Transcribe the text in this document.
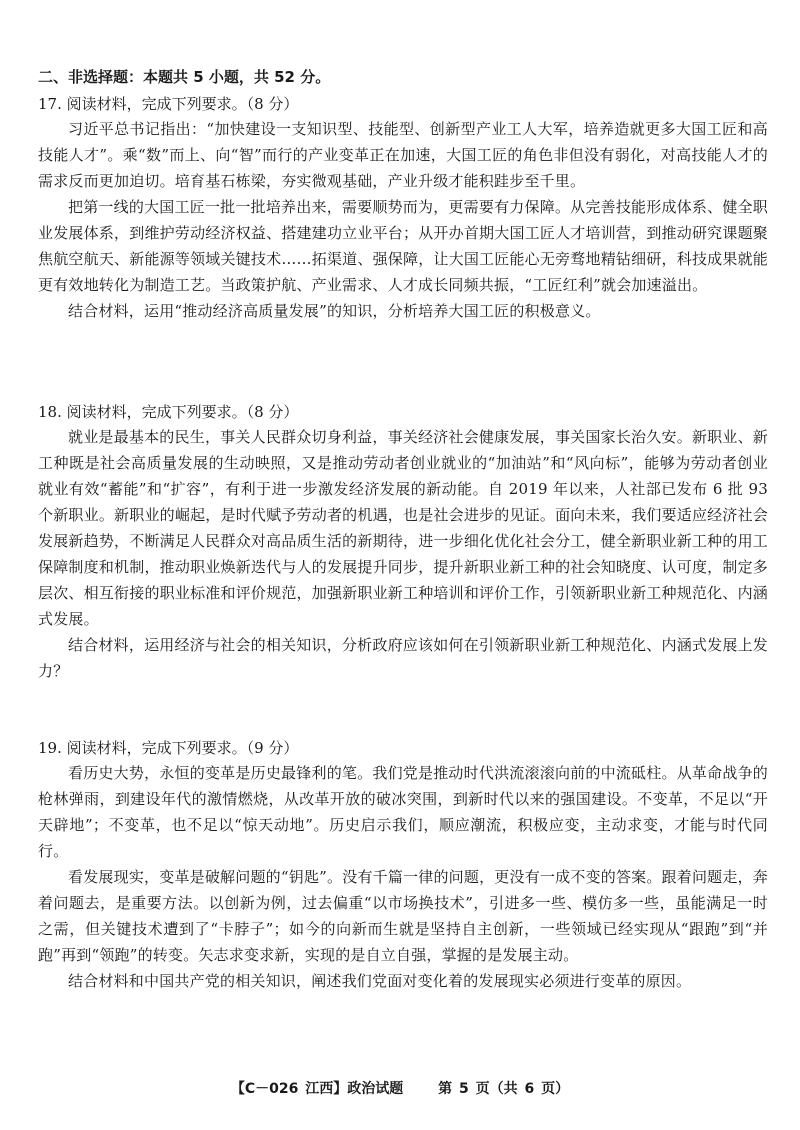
二、非选择题：本题共 5 小题，共 52 分。

17. 阅读材料，完成下列要求。（8 分）

习近平总书记指出：“加快建设一支知识型、技能型、创新型产业工人大军，培养造就更多大国工匠和高技能人才”。乘“数”而上、向“智”而行的产业变革正在加速，大国工匠的角色非但没有弱化，对高技能人才的需求反而更加迫切。培育基石栋梁，夯实微观基础，产业升级才能积跬步至千里。

把第一线的大国工匠一批一批培养出来，需要顺势而为，更需要有力保障。从完善技能形成体系、健全职业发展体系，到维护劳动经济权益、搭建建功立业平台；从开办首期大国工匠人才培训营，到推动研究课题聚焦航空航天、新能源等领域关键技术……拓渠道、强保障，让大国工匠能心无旁骛地精钻细研，科技成果就能更有效地转化为制造工艺。当政策护航、产业需求、人才成长同频共振，“工匠红利”就会加速溢出。

结合材料，运用“推动经济高质量发展”的知识，分析培养大国工匠的积极意义。

18. 阅读材料，完成下列要求。（8 分）

就业是最基本的民生，事关人民群众切身利益，事关经济社会健康发展，事关国家长治久安。新职业、新工种既是社会高质量发展的生动映照，又是推动劳动者创业就业的“加油站”和“风向标”，能够为劳动者创业就业有效“蓄能”和“扩容”，有利于进一步激发经济发展的新动能。自 2019 年以来，人社部已发布 6 批 93 个新职业。新职业的崛起，是时代赋予劳动者的机遇，也是社会进步的见证。面向未来，我们要适应经济社会发展新趋势，不断满足人民群众对高品质生活的新期待，进一步细化优化社会分工，健全新职业新工种的用工保障制度和机制，推动职业焕新迭代与人的发展提升同步，提升新职业新工种的社会知晓度、认可度，制定多层次、相互衔接的职业标准和评价规范，加强新职业新工种培训和评价工作，引领新职业新工种规范化、内涵式发展。

结合材料，运用经济与社会的相关知识，分析政府应该如何在引领新职业新工种规范化、内涵式发展上发力？

19. 阅读材料，完成下列要求。（9 分）

看历史大势，永恒的变革是历史最锋利的笔。我们党是推动时代洪流滚滚向前的中流砥柱。从革命战争的枪林弹雨，到建设年代的激情燃烧，从改革开放的破冰突围，到新时代以来的强国建设。不变革，不足以“开天辟地”；不变革，也不足以“惊天动地”。历史启示我们，顺应潮流，积极应变，主动求变，才能与时代同行。

看发展现实，变革是破解问题的“钥匙”。没有千篇一律的问题，更没有一成不变的答案。跟着问题走，奔着问题去，是重要方法。以创新为例，过去偏重“以市场换技术”，引进多一些、模仿多一些，虽能满足一时之需，但关键技术遭到了“卡脖子”；如今的向新而生就是坚持自主创新，一些领域已经实现从“跟跑”到“并跑”再到“领跑”的转变。矢志求变求新，实现的是自立自强，掌握的是发展主动。

结合材料和中国共产党的相关知识，阐述我们党面对变化着的发展现实必须进行变革的原因。

【C－026 江西】政治试题 第 5 页（共 6 页）
